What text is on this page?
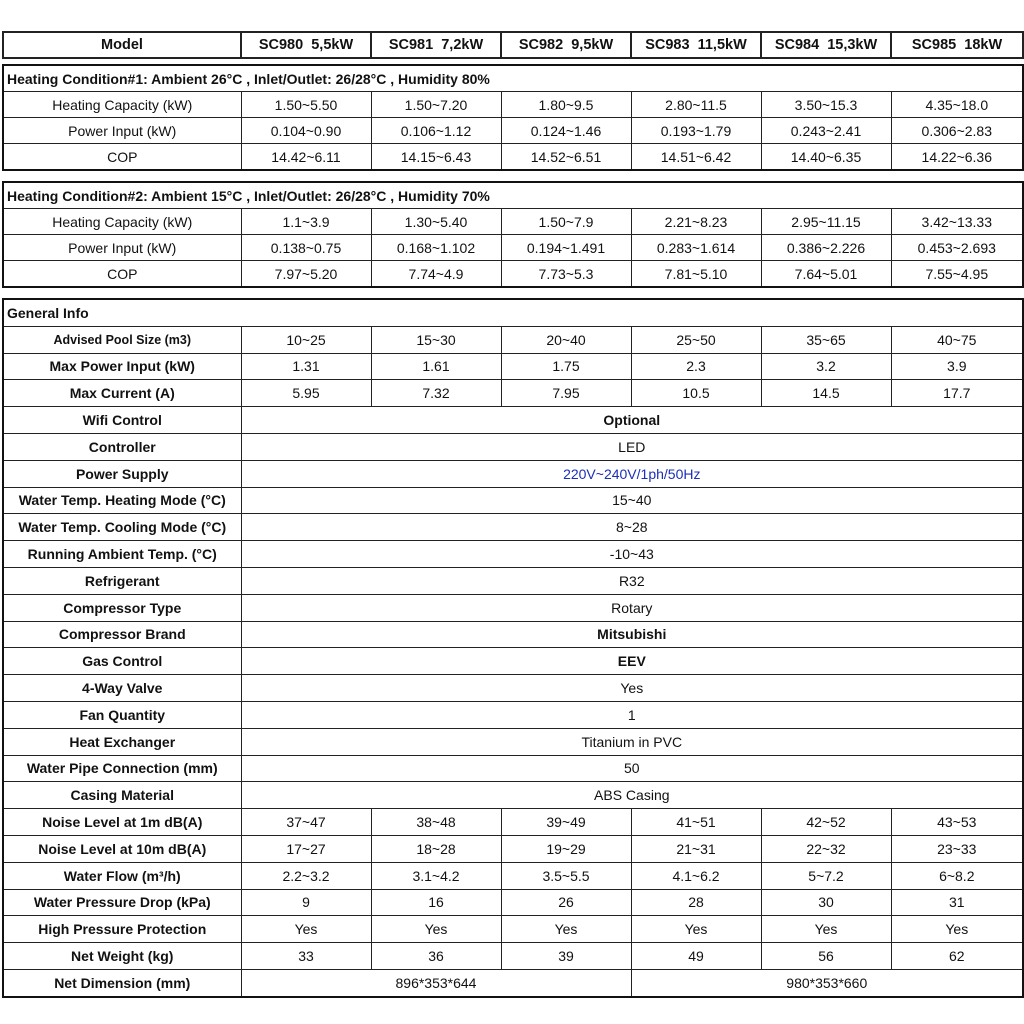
Model	SC980  5,5kW	SC981  7,2kW	SC982  9,5kW	SC983  11,5kW	SC984  15,3kW	SC985  18kW
Heating Condition#1: Ambient 26°C , Inlet/Outlet: 26/28°C , Humidity 80%						
Heating Capacity (kW)	1.50~5.50	1.50~7.20	1.80~9.5	2.80~11.5	3.50~15.3	4.35~18.0
Power Input (kW)	0.104~0.90	0.106~1.12	0.124~1.46	0.193~1.79	0.243~2.41	0.306~2.83
COP	14.42~6.11	14.15~6.43	14.52~6.51	14.51~6.42	14.40~6.35	14.22~6.36
Heating Condition#2: Ambient 15°C , Inlet/Outlet: 26/28°C , Humidity 70%						
Heating Capacity (kW)	1.1~3.9	1.30~5.40	1.50~7.9	2.21~8.23	2.95~11.15	3.42~13.33
Power Input (kW)	0.138~0.75	0.168~1.102	0.194~1.491	0.283~1.614	0.386~2.226	0.453~2.693
COP	7.97~5.20	7.74~4.9	7.73~5.3	7.81~5.10	7.64~5.01	7.55~4.95
General Info						
Advised Pool Size (m3)	10~25	15~30	20~40	25~50	35~65	40~75
Max Power Input (kW)	1.31	1.61	1.75	2.3	3.2	3.9
Max Current (A)	5.95	7.32	7.95	10.5	14.5	17.7
Wifi Control	Optional					
Controller	LED					
Power Supply	220V~240V/1ph/50Hz					
Water Temp. Heating Mode (°C)	15~40					
Water Temp. Cooling Mode (°C)	8~28					
Running Ambient Temp. (°C)	-10~43					
Refrigerant	R32					
Compressor Type	Rotary					
Compressor Brand	Mitsubishi					
Gas Control	EEV					
4-Way Valve	Yes					
Fan Quantity	1					
Heat Exchanger	Titanium in PVC					
Water Pipe Connection (mm)	50					
Casing Material	ABS Casing					
Noise Level at 1m dB(A)	37~47	38~48	39~49	41~51	42~52	43~53
Noise Level at 10m dB(A)	17~27	18~28	19~29	21~31	22~32	23~33
Water Flow (m³/h)	2.2~3.2	3.1~4.2	3.5~5.5	4.1~6.2	5~7.2	6~8.2
Water Pressure Drop (kPa)	9	16	26	28	30	31
High Pressure Protection	Yes	Yes	Yes	Yes	Yes	Yes
Net Weight (kg)	33	36	39	49	56	62
Net Dimension (mm)	896*353*644			980*353*660		
